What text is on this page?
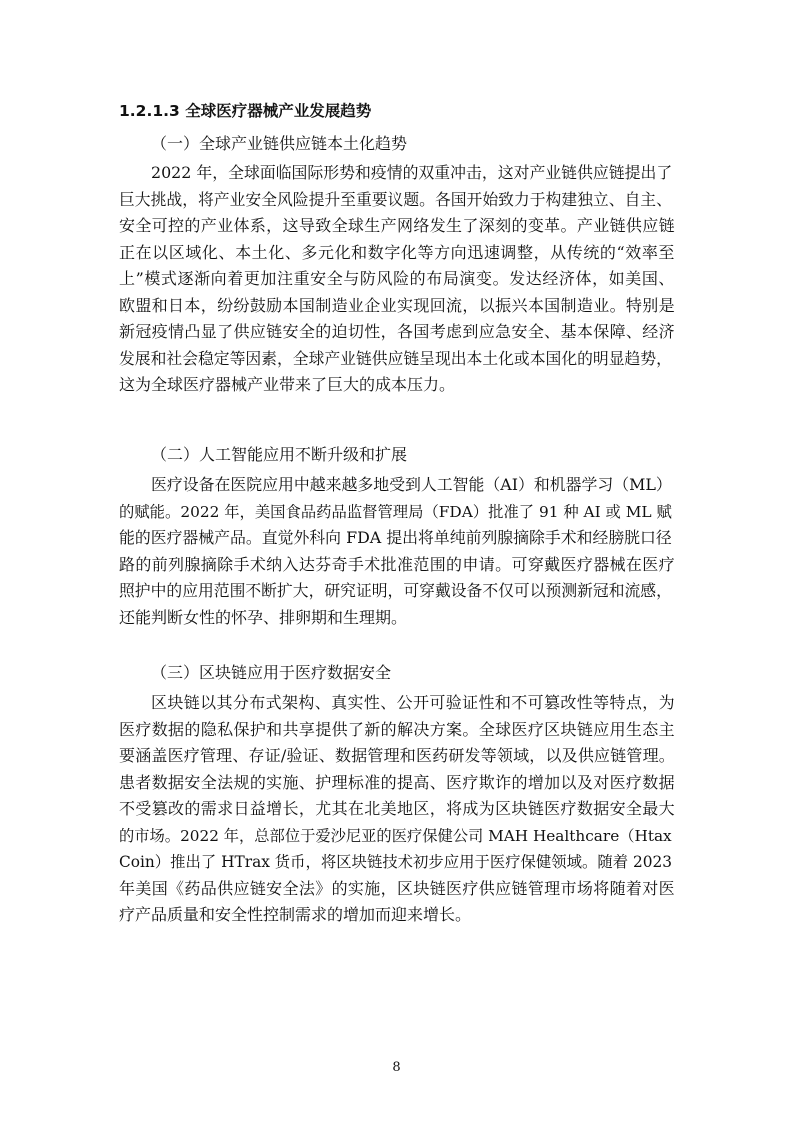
1.2.1.3 全球医疗器械产业发展趋势
（一）全球产业链供应链本土化趋势

2022 年，全球面临国际形势和疫情的双重冲击，这对产业链供应链提出了

巨大挑战，将产业安全风险提升至重要议题。各国开始致力于构建独立、自主、

安全可控的产业体系，这导致全球生产网络发生了深刻的变革。产业链供应链

正在以区域化、本土化、多元化和数字化等方向迅速调整，从传统的“效率至

上”模式逐渐向着更加注重安全与防风险的布局演变。发达经济体，如美国、

欧盟和日本，纷纷鼓励本国制造业企业实现回流，以振兴本国制造业。特别是

新冠疫情凸显了供应链安全的迫切性，各国考虑到应急安全、基本保障、经济

发展和社会稳定等因素，全球产业链供应链呈现出本土化或本国化的明显趋势，

这为全球医疗器械产业带来了巨大的成本压力。

（二）人工智能应用不断升级和扩展

医疗设备在医院应用中越来越多地受到人工智能（AI）和机器学习（ML）

的赋能。2022 年，美国食品药品监督管理局（FDA）批准了 91 种 AI 或 ML 赋

能的医疗器械产品。直觉外科向 FDA 提出将单纯前列腺摘除手术和经膀胱口径

路的前列腺摘除手术纳入达芬奇手术批准范围的申请。可穿戴医疗器械在医疗

照护中的应用范围不断扩大，研究证明，可穿戴设备不仅可以预测新冠和流感，

还能判断女性的怀孕、排卵期和生理期。

（三）区块链应用于医疗数据安全

区块链以其分布式架构、真实性、公开可验证性和不可篡改性等特点，为

医疗数据的隐私保护和共享提供了新的解决方案。全球医疗区块链应用生态主

要涵盖医疗管理、存证/验证、数据管理和医药研发等领域，以及供应链管理。

患者数据安全法规的实施、护理标准的提高、医疗欺诈的增加以及对医疗数据

不受篡改的需求日益增长，尤其在北美地区，将成为区块链医疗数据安全最大

的市场。2022 年，总部位于爱沙尼亚的医疗保健公司 MAH Healthcare（Htax

Coin）推出了 HTrax 货币，将区块链技术初步应用于医疗保健领域。随着 2023

年美国《药品供应链安全法》的实施，区块链医疗供应链管理市场将随着对医

疗产品质量和安全性控制需求的增加而迎来增长。

8
